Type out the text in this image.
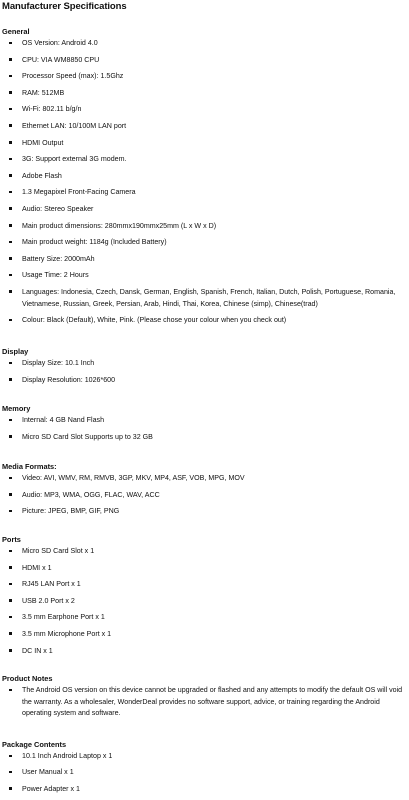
Manufacturer Specifications
General
OS Version: Android 4.0
CPU: VIA WM8850 CPU
Processor Speed (max): 1.5Ghz
RAM: 512MB
Wi-Fi: 802.11 b/g/n
Ethernet LAN: 10/100M LAN port
HDMI Output
3G: Support external 3G modem.
Adobe Flash
1.3 Megapixel Front-Facing Camera
Audio: Stereo Speaker
Main product dimensions: 280mmx190mmx25mm (L x W x D)
Main product weight: 1184g (Included Battery)
Battery Size: 2000mAh
Usage Time: 2 Hours
Languages: Indonesia, Czech, Dansk, German, English, Spanish, French, Italian, Dutch, Polish, Portuguese, Romania, Vietnamese, Russian, Greek, Persian, Arab, Hindi, Thai, Korea, Chinese (simp), Chinese(trad)
Colour: Black (Default), White, Pink. (Please chose your colour when you check out)
Display
Display Size: 10.1 Inch
Display Resolution: 1026*600
Memory
Internal: 4 GB Nand Flash
Micro SD Card Slot Supports up to 32 GB
Media Formats:
Video: AVI, WMV, RM, RMVB, 3GP, MKV, MP4, ASF, VOB, MPG, MOV
Audio: MP3, WMA, OGG, FLAC, WAV, ACC
Picture: JPEG, BMP, GIF, PNG
Ports
Micro SD Card Slot x 1
HDMI x 1
RJ45 LAN Port x 1
USB 2.0 Port x 2
3.5 mm Earphone Port x 1
3.5 mm Microphone Port x 1
DC IN x 1
Product Notes
The Android OS version on this device cannot be upgraded or flashed and any attempts to modify the default OS will void the warranty. As a wholesaler, WonderDeal provides no software support, advice, or training regarding the Android operating system and software.
Package Contents
10.1 Inch Android Laptop x 1
User Manual x 1
Power Adapter x 1
